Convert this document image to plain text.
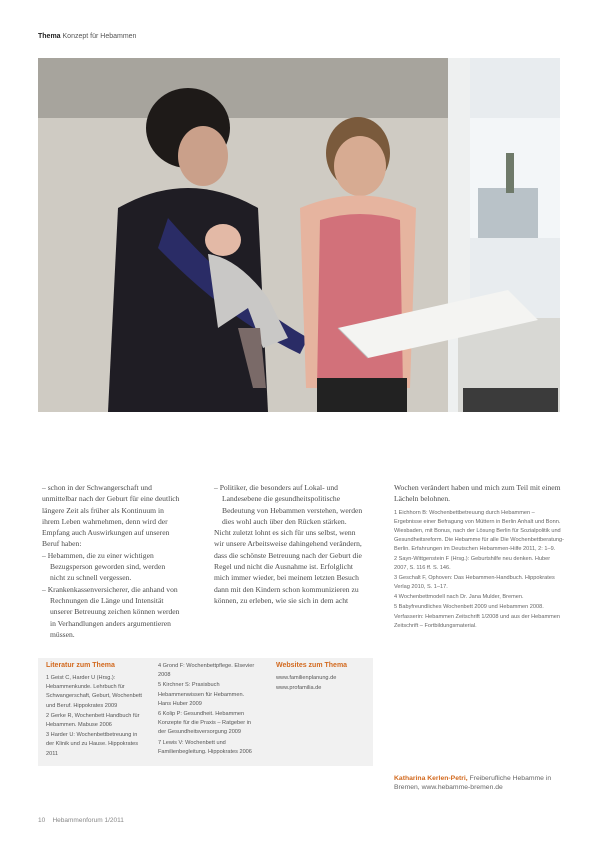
Thema Konzept für Hebammen

– schon in der Schwangerschaft und unmittelbar nach der Geburt für eine deutlich längere Zeit als früher als Kontinuum in ihrem Leben wahrnehmen, denn wird der Empfang auch Auswirkungen auf unseren Beruf haben:

– Hebammen, die zu einer wichtigen Bezugsperson geworden sind, werden nicht zu schnell vergessen.
– Krankenkassenversicherer, die anhand von Rechnungen die Länge und Intensität unserer Betreuung zeichen können werden in Verhandlungen anders argumentieren müssen.
– Politiker, die besonders auf Lokal- und Landesebene die gesundheitspolitische Bedeutung von Hebammen verstehen, werden dies wohl auch über den Rücken stärken.

Nicht zuletzt lohnt es sich für uns selbst, wenn wir unsere Arbeitsweise dahingehend verändern, dass die schönste Betreuung nach der Geburt die Regel und nicht die Ausnahme ist. Erfolglicht mich immer wieder, bei meinem letzten Besuch dann mit den Kindern schon kommunizieren zu können, zu erleben, wie sie sich in dem acht

Wochen verändert haben und mich zum Teil mit einem Lächeln belohnen.

1 Eichhorn B: Wochenbettbetreuung durch Hebammen – Ergebnisse einer Befragung von Müttern in Berlin Anhalt und Bonn. Wiesbaden, mit Bonus, nach der Lösung Berlin für Sozialpolitik und Gesundheitsreform. Die Hebamme für alle Die Wochenbettberatung-Berlin. Erfahrungen im Deutschen Hebammen-Hilfe 2011, 2: 1–9.
2 Sayn-Wittgenstein F (Hrsg.): Geburtshilfe neu denken. Huber 2007, S. 116 ff. S. 146.
3 Geschalt F, Ophoven: Das Hebammen-Handbuch. Hippokrates Verlag 2010, S. 1–17.
4 Wochenbettmodell nach Dr. Jana Mulder, Bremen.
5 Babyfreundliches Wochenbett 2009 und Hebammen 2008.
Verfasserin: Hebammen Zeitschrift 1/2008 und aus der Hebammen Zeitschrift – Fortbildungsmaterial.
Literatur zum Thema
1 Geist C, Harder U (Hrsg.): Hebammenkunde. Lehrbuch für Schwangerschaft, Geburt, Wochenbett und Beruf. Hippokrates 2009
2 Gerke R, Wochenbett Handbuch für Hebammen. Mabuse 2006
3 Harder U: Wochenbettbetreuung in der Klinik und zu Hause. Hippokrates 2011
4 Grond F: Wochenbettpflege. Elsevier 2008
5 Kirchner S: Praxisbuch Hebammenwissen für Hebammen. Hans Huber 2009
6 Kolip P: Gesundheit. Hebammen Konzepte für die Praxis – Ratgeber in der Gesundheitsversorgung 2009
7 Lewis V: Wochenbett und Familienbegleitung. Hippokrates 2006
Websites zum Thema
www.familienplanung.de
www.profamilia.de
Katharina Kerlen-Petri, Freiberufliche Hebamme in Bremen, www.hebamme-bremen.de
10 Hebammenforum 1/2011
